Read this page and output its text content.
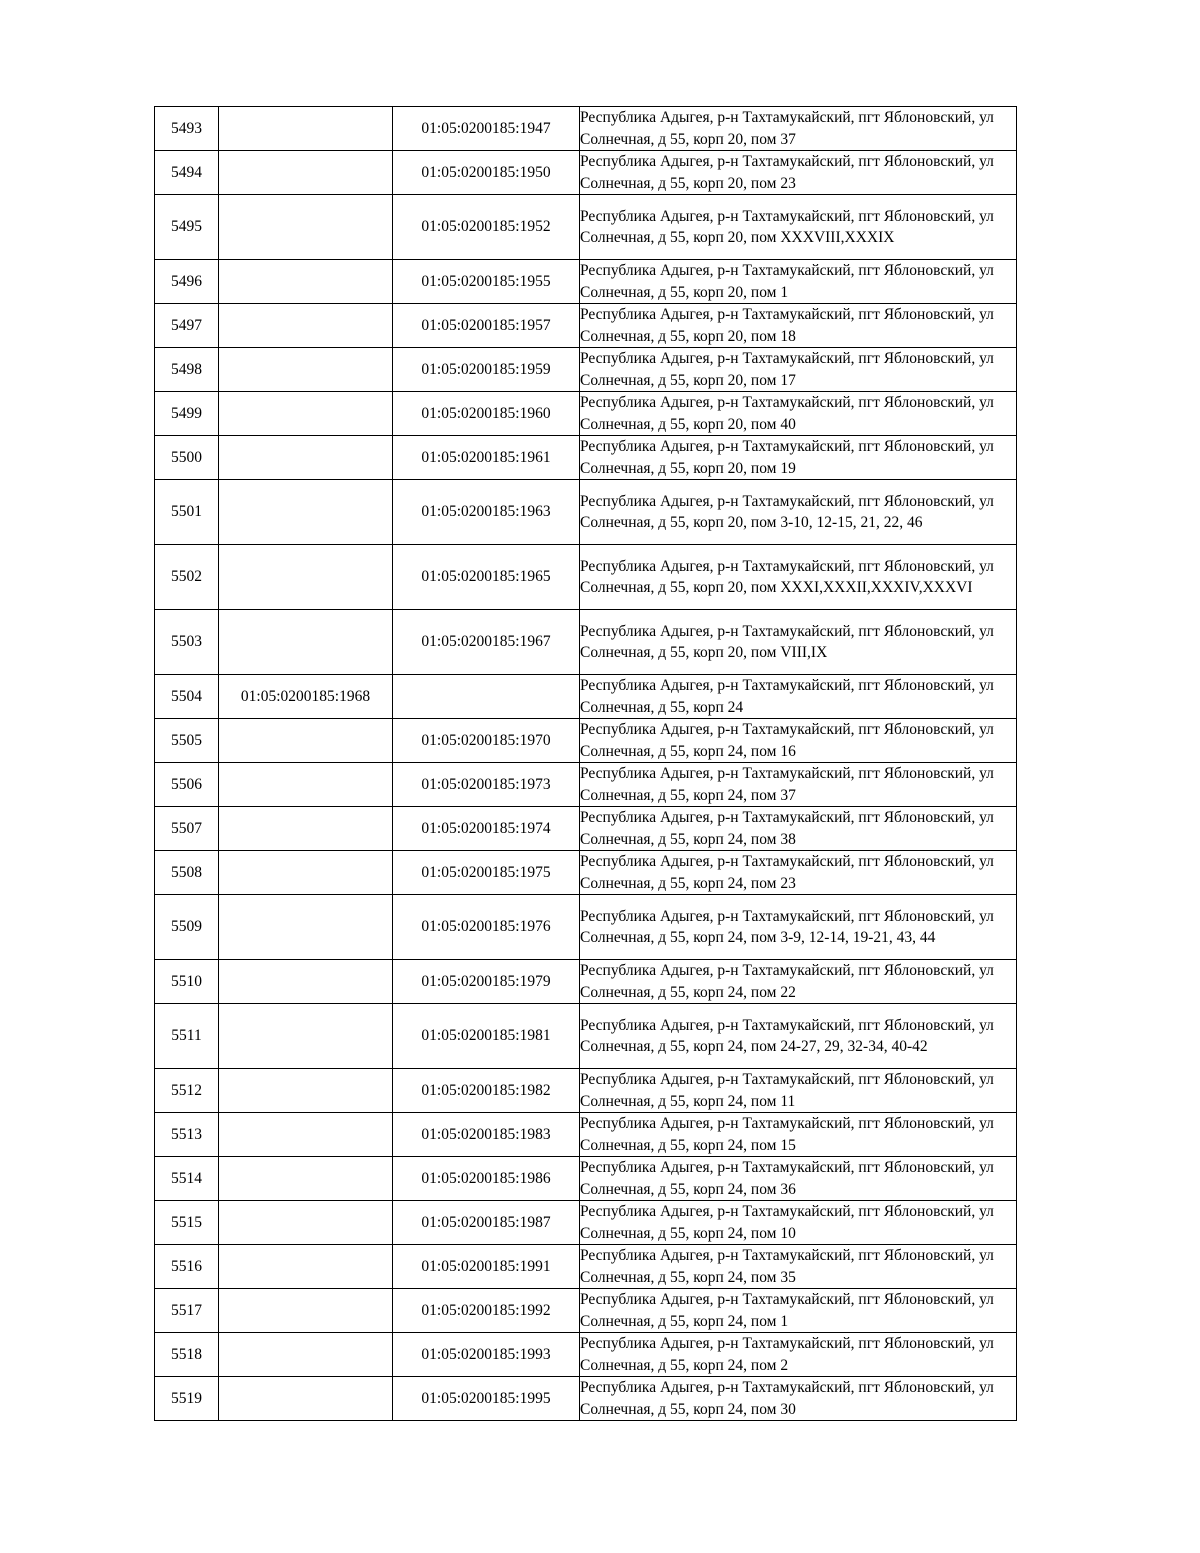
5493		01:05:0200185:1947	Республика Адыгея, р-н Тахтамукайский, пгт Яблоновский, ул Солнечная, д 55, корп 20, пом 37
5494		01:05:0200185:1950	Республика Адыгея, р-н Тахтамукайский, пгт Яблоновский, ул Солнечная, д 55, корп 20, пом 23
5495		01:05:0200185:1952	Республика Адыгея, р-н Тахтамукайский, пгт Яблоновский, ул Солнечная, д 55, корп 20, пом XXXVIII,XXXIX
5496		01:05:0200185:1955	Республика Адыгея, р-н Тахтамукайский, пгт Яблоновский, ул Солнечная, д 55, корп 20, пом 1
5497		01:05:0200185:1957	Республика Адыгея, р-н Тахтамукайский, пгт Яблоновский, ул Солнечная, д 55, корп 20, пом 18
5498		01:05:0200185:1959	Республика Адыгея, р-н Тахтамукайский, пгт Яблоновский, ул Солнечная, д 55, корп 20, пом 17
5499		01:05:0200185:1960	Республика Адыгея, р-н Тахтамукайский, пгт Яблоновский, ул Солнечная, д 55, корп 20, пом 40
5500		01:05:0200185:1961	Республика Адыгея, р-н Тахтамукайский, пгт Яблоновский, ул Солнечная, д 55, корп 20, пом 19
5501		01:05:0200185:1963	Республика Адыгея, р-н Тахтамукайский, пгт Яблоновский, ул Солнечная, д 55, корп 20, пом 3-10, 12-15, 21, 22, 46
5502		01:05:0200185:1965	Республика Адыгея, р-н Тахтамукайский, пгт Яблоновский, ул Солнечная, д 55, корп 20, пом XXXI,XXXII,XXXIV,XXXVI
5503		01:05:0200185:1967	Республика Адыгея, р-н Тахтамукайский, пгт Яблоновский, ул Солнечная, д 55, корп 20, пом VIII,IX
5504	01:05:0200185:1968		Республика Адыгея, р-н Тахтамукайский, пгт Яблоновский, ул Солнечная, д 55, корп 24
5505		01:05:0200185:1970	Республика Адыгея, р-н Тахтамукайский, пгт Яблоновский, ул Солнечная, д 55, корп 24, пом 16
5506		01:05:0200185:1973	Республика Адыгея, р-н Тахтамукайский, пгт Яблоновский, ул Солнечная, д 55, корп 24, пом 37
5507		01:05:0200185:1974	Республика Адыгея, р-н Тахтамукайский, пгт Яблоновский, ул Солнечная, д 55, корп 24, пом 38
5508		01:05:0200185:1975	Республика Адыгея, р-н Тахтамукайский, пгт Яблоновский, ул Солнечная, д 55, корп 24, пом 23
5509		01:05:0200185:1976	Республика Адыгея, р-н Тахтамукайский, пгт Яблоновский, ул Солнечная, д 55, корп 24, пом 3-9, 12-14, 19-21, 43, 44
5510		01:05:0200185:1979	Республика Адыгея, р-н Тахтамукайский, пгт Яблоновский, ул Солнечная, д 55, корп 24, пом 22
5511		01:05:0200185:1981	Республика Адыгея, р-н Тахтамукайский, пгт Яблоновский, ул Солнечная, д 55, корп 24, пом 24-27, 29, 32-34, 40-42
5512		01:05:0200185:1982	Республика Адыгея, р-н Тахтамукайский, пгт Яблоновский, ул Солнечная, д 55, корп 24, пом 11
5513		01:05:0200185:1983	Республика Адыгея, р-н Тахтамукайский, пгт Яблоновский, ул Солнечная, д 55, корп 24, пом 15
5514		01:05:0200185:1986	Республика Адыгея, р-н Тахтамукайский, пгт Яблоновский, ул Солнечная, д 55, корп 24, пом 36
5515		01:05:0200185:1987	Республика Адыгея, р-н Тахтамукайский, пгт Яблоновский, ул Солнечная, д 55, корп 24, пом 10
5516		01:05:0200185:1991	Республика Адыгея, р-н Тахтамукайский, пгт Яблоновский, ул Солнечная, д 55, корп 24, пом 35
5517		01:05:0200185:1992	Республика Адыгея, р-н Тахтамукайский, пгт Яблоновский, ул Солнечная, д 55, корп 24, пом 1
5518		01:05:0200185:1993	Республика Адыгея, р-н Тахтамукайский, пгт Яблоновский, ул Солнечная, д 55, корп 24, пом 2
5519		01:05:0200185:1995	Республика Адыгея, р-н Тахтамукайский, пгт Яблоновский, ул Солнечная, д 55, корп 24, пом 30
